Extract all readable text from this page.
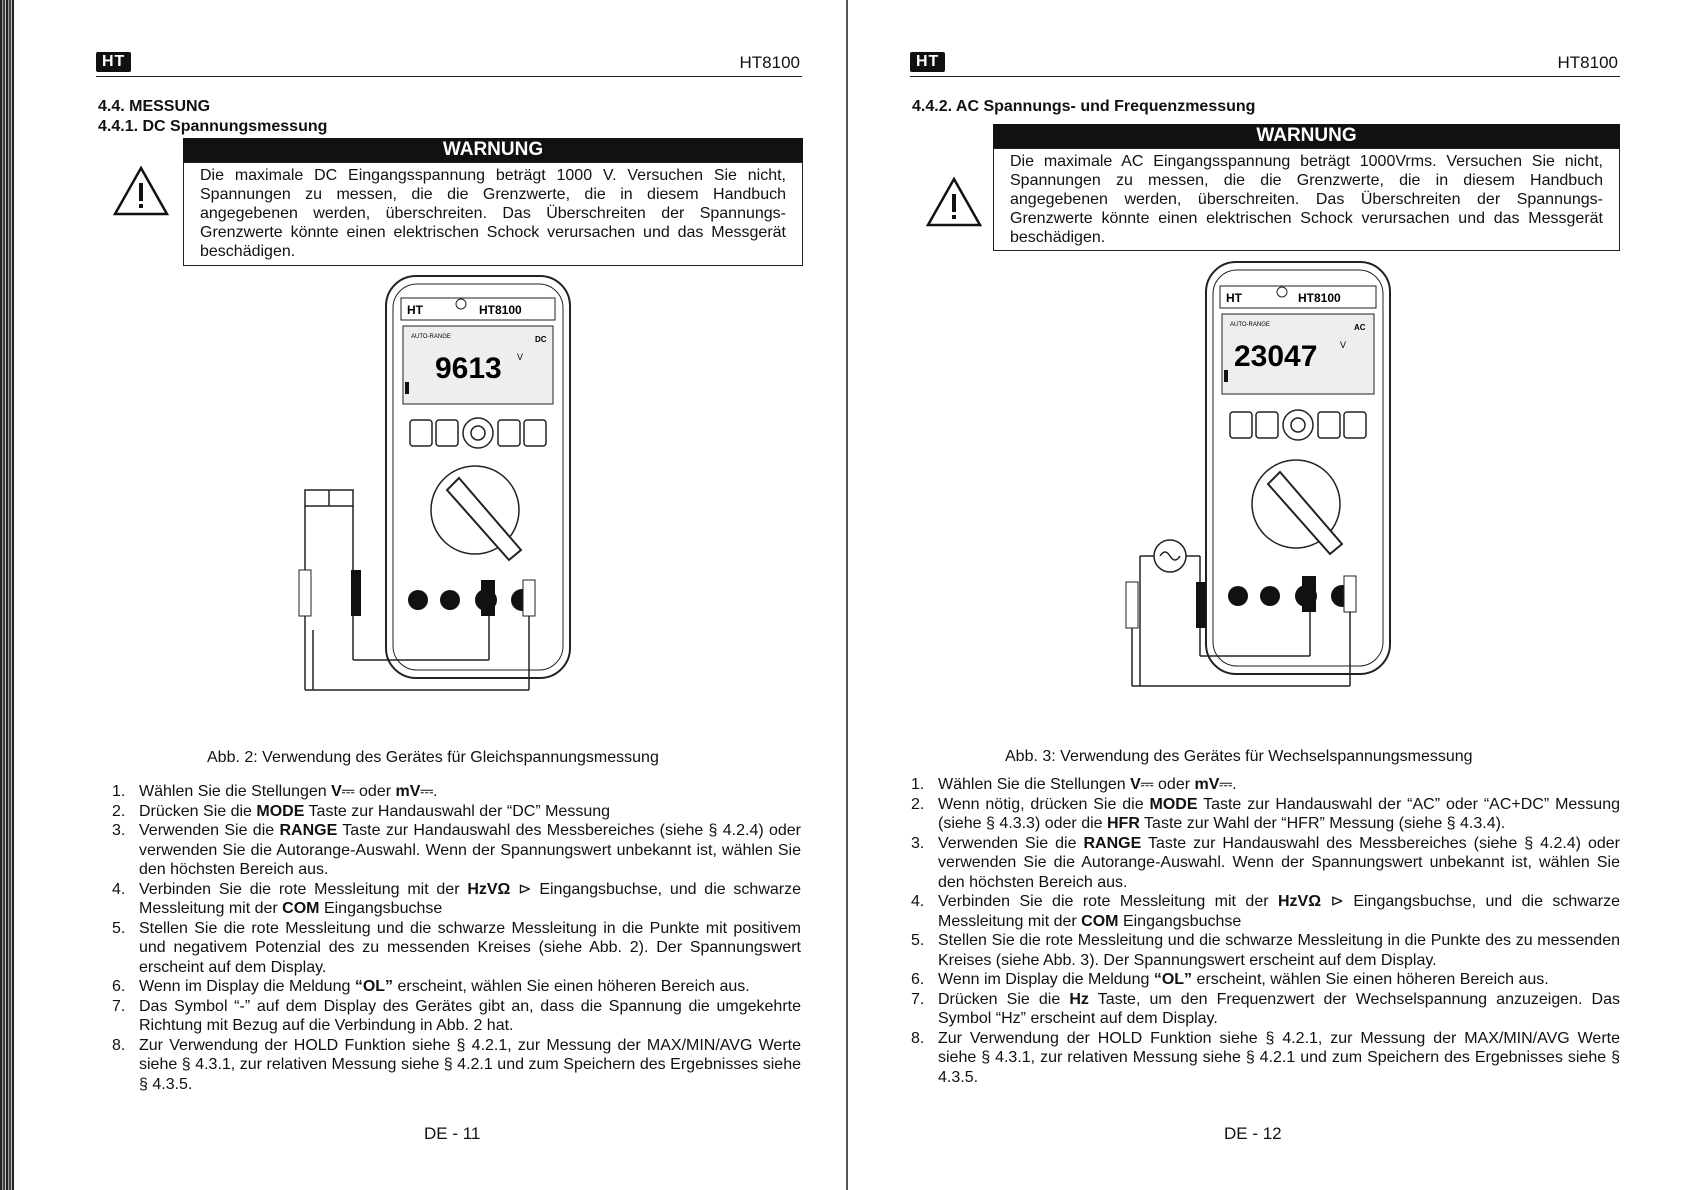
HT	HT8100
4.4. MESSUNG
4.4.1. DC Spannungsmessung
WARNUNG
Die maximale DC Eingangsspannung beträgt 1000 V. Versuchen Sie nicht, Spannungen zu messen, die die Grenzwerte, die in diesem Handbuch angegebenen werden, überschreiten. Das Überschreiten der Spannungs-Grenzwerte könnte einen elektrischen Schock verursachen und das Messgerät beschädigen.
HT	HT8100
AUTO-RANGE	DC
9613 V
Abb. 2: Verwendung des Gerätes für Gleichspannungsmessung
1. Wählen Sie die Stellungen V⎓ oder mV⎓.
2. Drücken Sie die MODE Taste zur Handauswahl der “DC” Messung
3. Verwenden Sie die RANGE Taste zur Handauswahl des Messbereiches (siehe § 4.2.4) oder verwenden Sie die Autorange-Auswahl. Wenn der Spannungswert unbekannt ist, wählen Sie den höchsten Bereich aus.
4. Verbinden Sie die rote Messleitung mit der HzVΩ ⊳ Eingangsbuchse, und die schwarze Messleitung mit der COM Eingangsbuchse
5. Stellen Sie die rote Messleitung und die schwarze Messleitung in die Punkte mit positivem und negativem Potenzial des zu messenden Kreises (siehe Abb. 2). Der Spannungswert erscheint auf dem Display.
6. Wenn im Display die Meldung “OL” erscheint, wählen Sie einen höheren Bereich aus.
7. Das Symbol “-” auf dem Display des Gerätes gibt an, dass die Spannung die umgekehrte Richtung mit Bezug auf die Verbindung in Abb. 2 hat.
8. Zur Verwendung der HOLD Funktion siehe § 4.2.1, zur Messung der MAX/MIN/AVG Werte siehe § 4.3.1, zur relativen Messung siehe § 4.2.1 und zum Speichern des Ergebnisses siehe § 4.3.5.
DE - 11
HT	HT8100
4.4.2. AC Spannungs- und Frequenzmessung
WARNUNG
Die maximale AC Eingangsspannung beträgt 1000Vrms. Versuchen Sie nicht, Spannungen zu messen, die die Grenzwerte, die in diesem Handbuch angegebenen werden, überschreiten. Das Überschreiten der Spannungs-Grenzwerte könnte einen elektrischen Schock verursachen und das Messgerät beschädigen.
HT	HT8100
AUTO-RANGE	AC
23047	V
Abb. 3: Verwendung des Gerätes für Wechselspannungsmessung
1. Wählen Sie die Stellungen V⎓ oder mV⎓.
2. Wenn nötig, drücken Sie die MODE Taste zur Handauswahl der “AC” oder “AC+DC” Messung (siehe § 4.3.3) oder die HFR Taste zur Wahl der “HFR” Messung (siehe § 4.3.4).
3. Verwenden Sie die RANGE Taste zur Handauswahl des Messbereiches (siehe § 4.2.4) oder verwenden Sie die Autorange-Auswahl. Wenn der Spannungswert unbekannt ist, wählen Sie den höchsten Bereich aus.
4. Verbinden Sie die rote Messleitung mit der HzVΩ ⊳ Eingangsbuchse, und die schwarze Messleitung mit der COM Eingangsbuchse
5. Stellen Sie die rote Messleitung und die schwarze Messleitung in die Punkte des zu messenden Kreises (siehe Abb. 3). Der Spannungswert erscheint auf dem Display.
6. Wenn im Display die Meldung “OL” erscheint, wählen Sie einen höheren Bereich aus.
7. Drücken Sie die Hz Taste, um den Frequenzwert der Wechselspannung anzuzeigen. Das Symbol “Hz” erscheint auf dem Display.
8. Zur Verwendung der HOLD Funktion siehe § 4.2.1, zur Messung der MAX/MIN/AVG Werte siehe § 4.3.1, zur relativen Messung siehe § 4.2.1 und zum Speichern des Ergebnisses siehe § 4.3.5.
DE - 12
